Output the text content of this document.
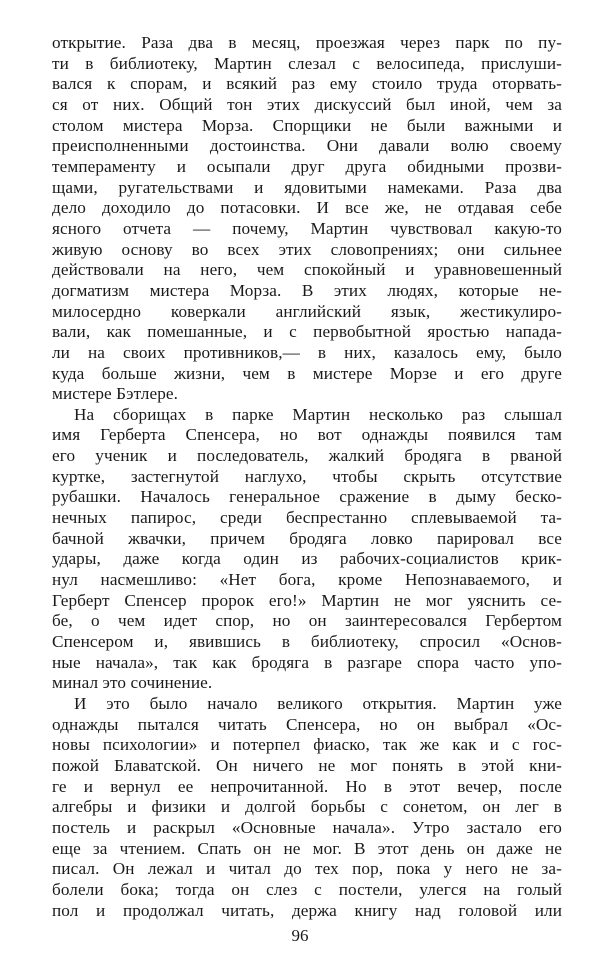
открытие. Раза два в месяц, проезжая через парк по пу-
ти в библиотеку, Мартин слезал с велосипеда, прислуши-
вался к спорам, и всякий раз ему стоило труда оторвать-
ся от них. Общий тон этих дискуссий был иной, чем за
столом мистера Морза. Спорщики не были важными и
преисполненными достоинства. Они давали волю своему
темпераменту и осыпали друг друга обидными прозви-
щами, ругательствами и ядовитыми намеками. Раза два
дело доходило до потасовки. И все же, не отдавая себе
ясного отчета — почему, Мартин чувствовал какую-то
живую основу во всех этих словопрениях; они сильнее
действовали на него, чем спокойный и уравновешенный
догматизм мистера Морза. В этих людях, которые не-
милосердно коверкали английский язык, жестикулиро-
вали, как помешанные, и с первобытной яростью напада-
ли на своих противников,— в них, казалось ему, было
куда больше жизни, чем в мистере Морзе и его друге
мистере Бэтлере.
На сборищах в парке Мартин несколько раз слышал
имя Герберта Спенсера, но вот однажды появился там
его ученик и последователь, жалкий бродяга в рваной
куртке, застегнутой наглухо, чтобы скрыть отсутствие
рубашки. Началось генеральное сражение в дыму беско-
нечных папирос, среди беспрестанно сплевываемой та-
бачной жвачки, причем бродяга ловко парировал все
удары, даже когда один из рабочих-социалистов крик-
нул насмешливо: «Нет бога, кроме Непознаваемого, и
Герберт Спенсер пророк его!» Мартин не мог уяснить се-
бе, о чем идет спор, но он заинтересовался Гербертом
Спенсером и, явившись в библиотеку, спросил «Основ-
ные начала», так как бродяга в разгаре спора часто упо-
минал это сочинение.
И это было начало великого открытия. Мартин уже
однажды пытался читать Спенсера, но он выбрал «Ос-
новы психологии» и потерпел фиаско, так же как и с гос-
пожой Блаватской. Он ничего не мог понять в этой кни-
ге и вернул ее непрочитанной. Но в этот вечер, после
алгебры и физики и долгой борьбы с сонетом, он лег в
постель и раскрыл «Основные начала». Утро застало его
еще за чтением. Спать он не мог. В этот день он даже не
писал. Он лежал и читал до тех пор, пока у него не за-
болели бока; тогда он слез с постели, улегся на голый
пол и продолжал читать, держа книгу над головой или
96
